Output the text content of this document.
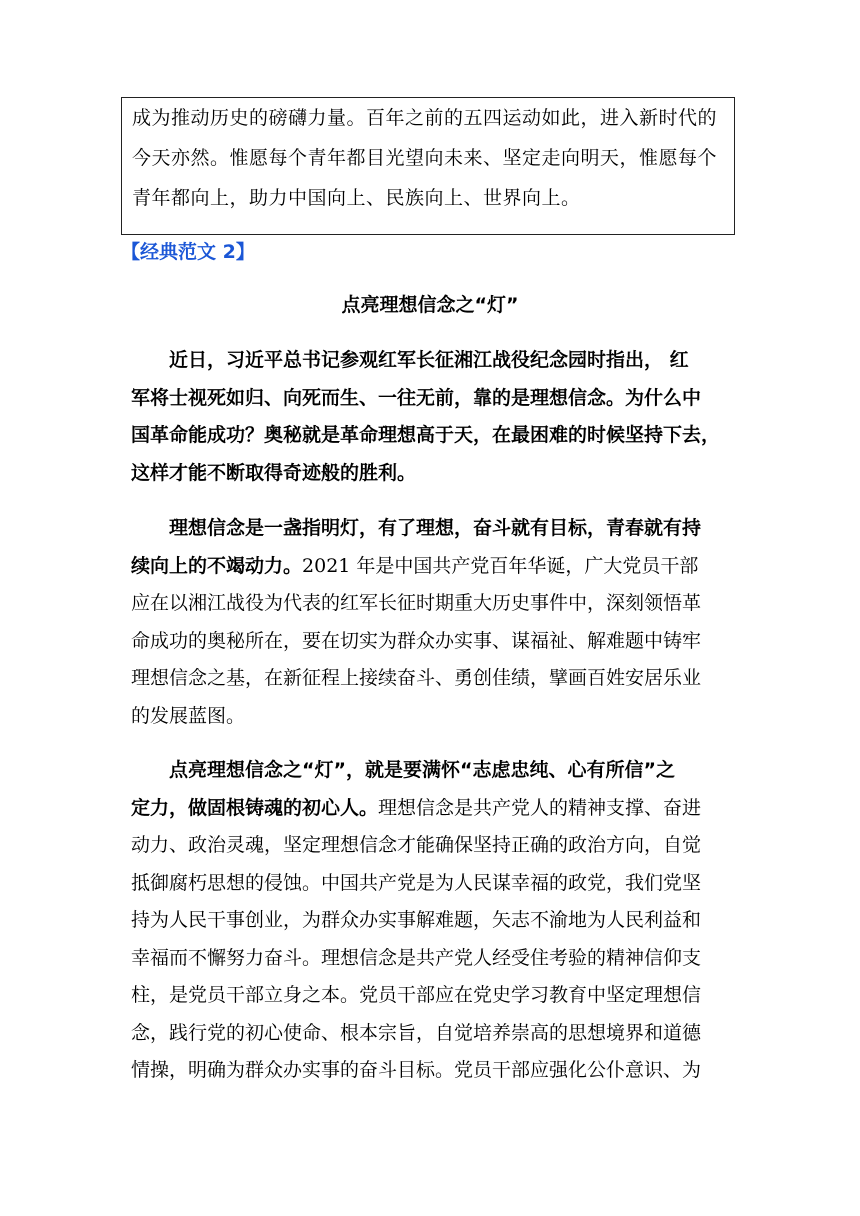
成为推动历史的磅礴力量。百年之前的五四运动如此，进入新时代的
今天亦然。惟愿每个青年都目光望向未来、坚定走向明天，惟愿每个
青年都向上，助力中国向上、民族向上、世界向上。
【经典范文 2】
点亮理想信念之“灯”
近日，习近平总书记参观红军长征湘江战役纪念园时指出， 红
军将士视死如归、向死而生、一往无前，靠的是理想信念。为什么中
国革命能成功？奥秘就是革命理想高于天，在最困难的时候坚持下去，
这样才能不断取得奇迹般的胜利。
理想信念是一盏指明灯，有了理想，奋斗就有目标，青春就有持
续向上的不竭动力。2021 年是中国共产党百年华诞，广大党员干部
应在以湘江战役为代表的红军长征时期重大历史事件中，深刻领悟革
命成功的奥秘所在，要在切实为群众办实事、谋福祉、解难题中铸牢
理想信念之基，在新征程上接续奋斗、勇创佳绩，擘画百姓安居乐业
的发展蓝图。
点亮理想信念之“灯”，就是要满怀“志虑忠纯、心有所信”之
定力，做固根铸魂的初心人。理想信念是共产党人的精神支撑、奋进
动力、政治灵魂，坚定理想信念才能确保坚持正确的政治方向，自觉
抵御腐朽思想的侵蚀。中国共产党是为人民谋幸福的政党，我们党坚
持为人民干事创业，为群众办实事解难题，矢志不渝地为人民利益和
幸福而不懈努力奋斗。理想信念是共产党人经受住考验的精神信仰支
柱，是党员干部立身之本。党员干部应在党史学习教育中坚定理想信
念，践行党的初心使命、根本宗旨，自觉培养崇高的思想境界和道德
情操，明确为群众办实事的奋斗目标。党员干部应强化公仆意识、为
